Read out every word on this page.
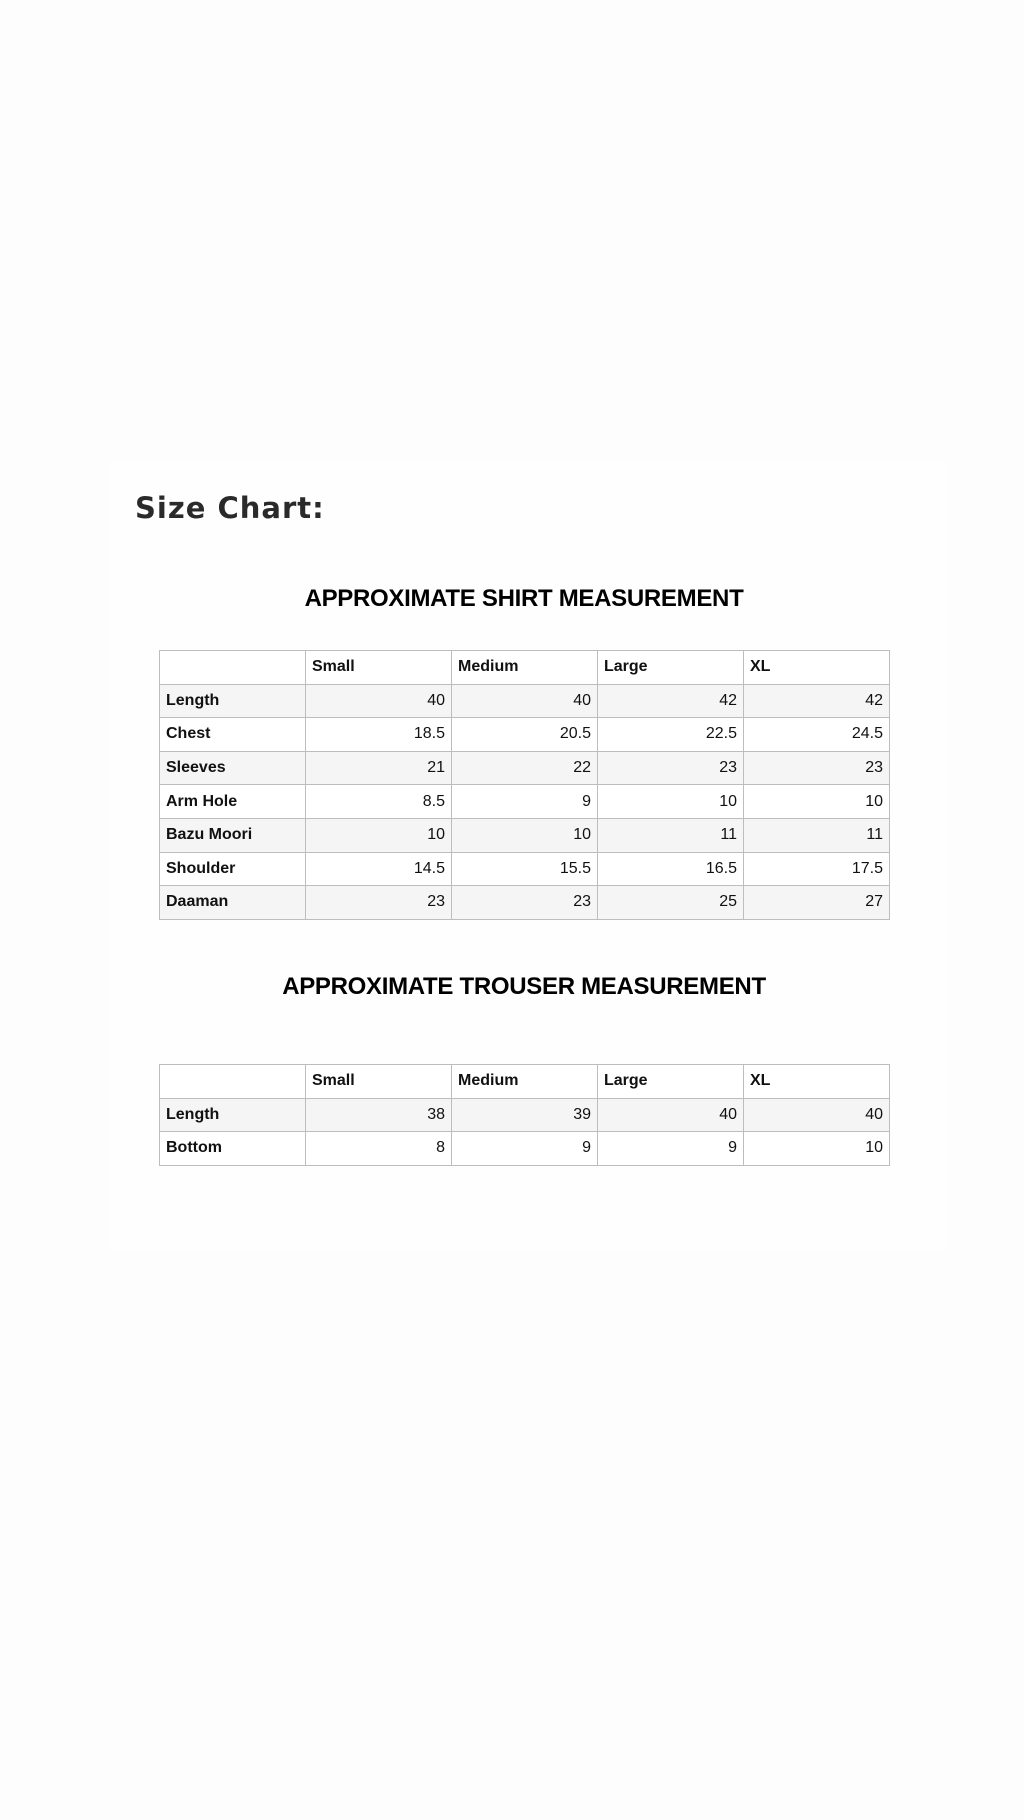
Size Chart:
APPROXIMATE SHIRT MEASUREMENT
	Small	Medium	Large	XL
Length	40	40	42	42
Chest	18.5	20.5	22.5	24.5
Sleeves	21	22	23	23
Arm Hole	8.5	9	10	10
Bazu Moori	10	10	11	11
Shoulder	14.5	15.5	16.5	17.5
Daaman	23	23	25	27
APPROXIMATE TROUSER MEASUREMENT
	Small	Medium	Large	XL
Length	38	39	40	40
Bottom	8	9	9	10
